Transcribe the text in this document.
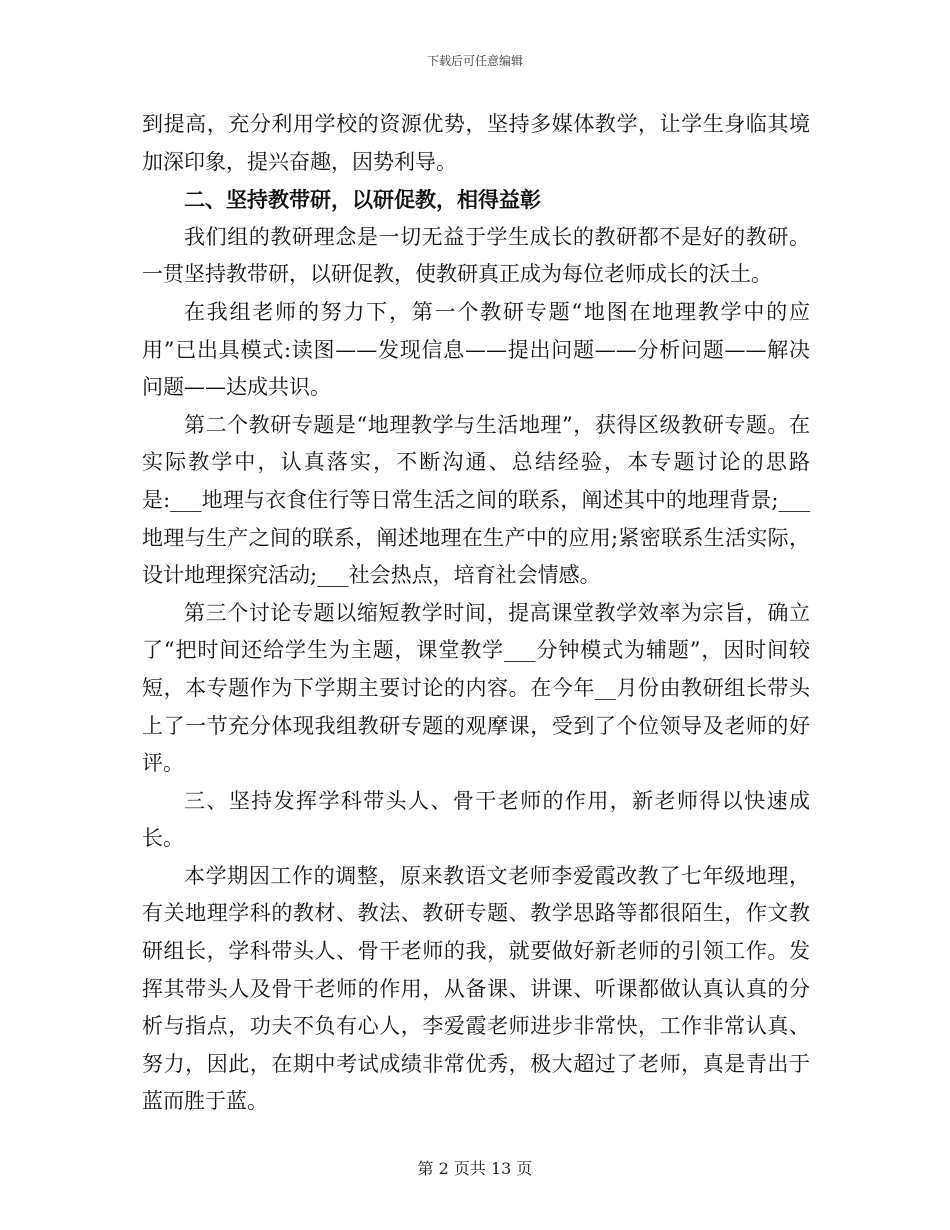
下载后可任意编辑

到提高，充分利用学校的资源优势，坚持多媒体教学，让学生身临其境加深印象，提兴奋趣，因势利导。

二、坚持教带研，以研促教，相得益彰

我们组的教研理念是一切无益于学生成长的教研都不是好的教研。一贯坚持教带研，以研促教，使教研真正成为每位老师成长的沃土。

在我组老师的努力下，第一个教研专题“地图在地理教学中的应用”已出具模式:读图——发现信息——提出问题——分析问题——解决问题——达成共识。

第二个教研专题是“地理教学与生活地理”，获得区级教研专题。在实际教学中，认真落实，不断沟通、总结经验，本专题讨论的思路是:___地理与衣食住行等日常生活之间的联系，阐述其中的地理背景;___地理与生产之间的联系，阐述地理在生产中的应用;紧密联系生活实际，设计地理探究活动;___社会热点，培育社会情感。

第三个讨论专题以缩短教学时间，提高课堂教学效率为宗旨，确立了“把时间还给学生为主题，课堂教学___分钟模式为辅题”，因时间较短，本专题作为下学期主要讨论的内容。在今年__月份由教研组长带头上了一节充分体现我组教研专题的观摩课，受到了个位领导及老师的好评。

三、坚持发挥学科带头人、骨干老师的作用，新老师得以快速成长。

本学期因工作的调整，原来教语文老师李爱霞改教了七年级地理，有关地理学科的教材、教法、教研专题、教学思路等都很陌生，作文教研组长，学科带头人、骨干老师的我，就要做好新老师的引领工作。发挥其带头人及骨干老师的作用，从备课、讲课、听课都做认真认真的分析与指点，功夫不负有心人，李爱霞老师进步非常快，工作非常认真、努力，因此，在期中考试成绩非常优秀，极大超过了老师，真是青出于蓝而胜于蓝。

第 2 页共 13 页
